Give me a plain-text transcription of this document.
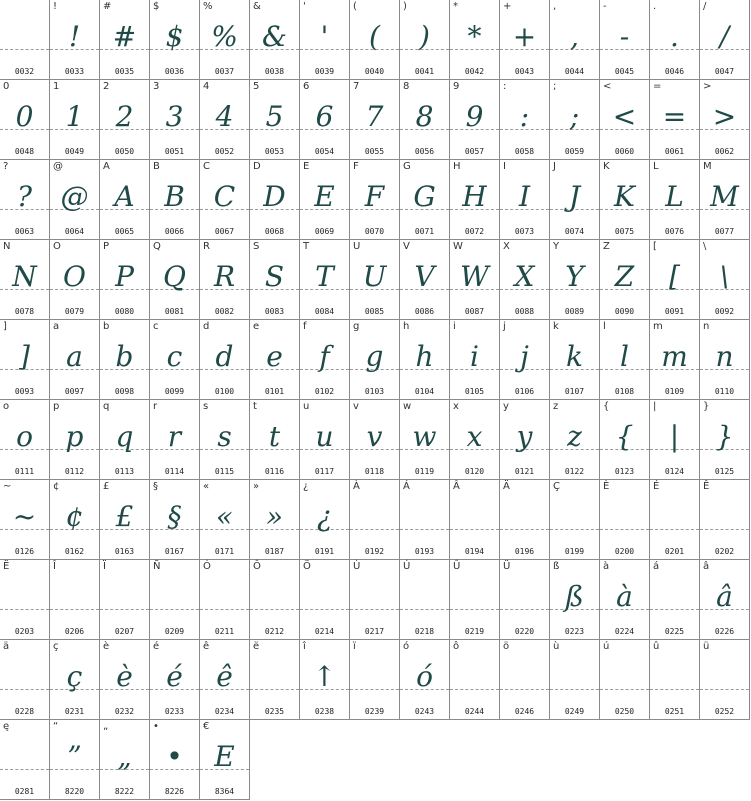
0032
!
!
0033
#
#
0035
$
$
0036
%
%
0037
&
&
0038
'
'
0039
(
(
0040
)
)
0041
*
*
0042
+
+
0043
,
,
0044
-
-
0045
.
.
0046
/
/
0047
0
0
0048
1
1
0049
2
2
0050
3
3
0051
4
4
0052
5
5
0053
6
6
0054
7
7
0055
8
8
0056
9
9
0057
:
:
0058
;
;
0059
<
<
0060
=
=
0061
>
>
0062
?
?
0063
@
@
0064
A
A
0065
B
B
0066
C
C
0067
D
D
0068
E
E
0069
F
F
0070
G
G
0071
H
H
0072
I
I
0073
J
J
0074
K
K
0075
L
L
0076
M
M
0077
N
N
0078
O
O
0079
P
P
0080
Q
Q
0081
R
R
0082
S
S
0083
T
T
0084
U
U
0085
V
V
0086
W
W
0087
X
X
0088
Y
Y
0089
Z
Z
0090
[
[
0091
\
\
0092
]
]
0093
a
a
0097
b
b
0098
c
c
0099
d
d
0100
e
e
0101
f
f
0102
g
g
0103
h
h
0104
i
i
0105
j
j
0106
k
k
0107
l
l
0108
m
m
0109
n
n
0110
o
o
0111
p
p
0112
q
q
0113
r
r
0114
s
s
0115
t
t
0116
u
u
0117
v
v
0118
w
w
0119
x
x
0120
y
y
0121
z
z
0122
{
{
0123
|
|
0124
}
}
0125
~
~
0126
¢
¢
0162
£
£
0163
§
§
0167
«
«
0171
»
»
0187
¿
¿
0191
À
0192
Á
0193
Â
0194
Ä
0196
Ç
0199
È
0200
É
0201
Ê
0202
Ë
0203
Î
0206
Ï
0207
Ñ
0209
Ó
0211
Ô
0212
Ö
0214
Ù
0217
Ú
0218
Û
0219
Ü
0220
ß
ß
0223
à
à
0224
á
0225
â
â
0226
ä
0228
ç
ç
0231
è
è
0232
é
é
0233
ê
ê
0234
ë
0235
î
↑
0238
ï
0239
ó
ó
0243
ô
0244
ö
0246
ù
0249
ú
0250
û
0251
ü
0252
ę
0281
“
”
8220
„
„
8222
•
•
8226
€
E
8364
